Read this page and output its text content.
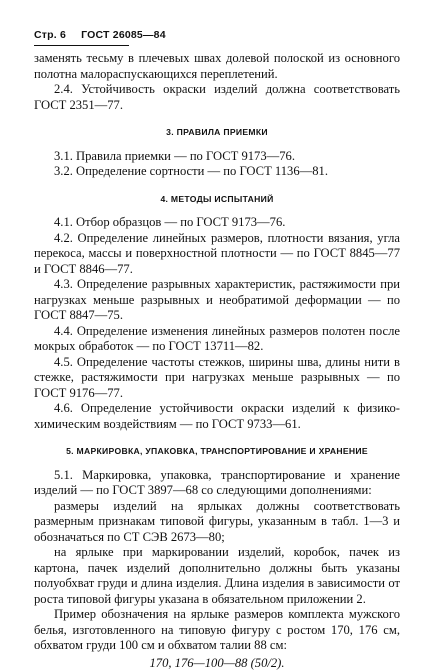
Стр. 6 ГОСТ 26085—84

заменять тесьму в плечевых швах долевой полоской из основного полотна малораспускающихся переплетений.

2.4. Устойчивость окраски изделий должна соответствовать ГОСТ 2351—77.

3. ПРАВИЛА ПРИЕМКИ

3.1. Правила приемки — по ГОСТ 9173—76.

3.2. Определение сортности — по ГОСТ 1136—81.

4. МЕТОДЫ ИСПЫТАНИЙ

4.1. Отбор образцов — по ГОСТ 9173—76.

4.2. Определение линейных размеров, плотности вязания, угла перекоса, массы и поверхностной плотности — по ГОСТ 8845—77 и ГОСТ 8846—77.

4.3. Определение разрывных характеристик, растяжимости при нагрузках меньше разрывных и необратимой деформации — по ГОСТ 8847—75.

4.4. Определение изменения линейных размеров полотен после мокрых обработок — по ГОСТ 13711—82.

4.5. Определение частоты стежков, ширины шва, длины нити в стежке, растяжимости при нагрузках меньше разрывных — по ГОСТ 9176—77.

4.6. Определение устойчивости окраски изделий к физико-химическим воздействиям — по ГОСТ 9733—61.

5. МАРКИРОВКА, УПАКОВКА, ТРАНСПОРТИРОВАНИЕ И ХРАНЕНИЕ

5.1. Маркировка, упаковка, транспортирование и хранение изделий — по ГОСТ 3897—68 со следующими дополнениями:

размеры изделий на ярлыках должны соответствовать размерным признакам типовой фигуры, указанным в табл. 1—3 и обозначаться по СТ СЭВ 2673—80;

на ярлыке при маркировании изделий, коробок, пачек из картона, пачек изделий дополнительно должны быть указаны полуобхват груди и длина изделия. Длина изделия в зависимости от роста типовой фигуры указана в обязательном приложении 2.

Пример обозначения на ярлыке размеров комплекта мужского белья, изготовленного на типовую фигуру с ростом 170, 176 см, обхватом груди 100 см и обхватом талии 88 см:

170, 176—100—88 (50/2).
